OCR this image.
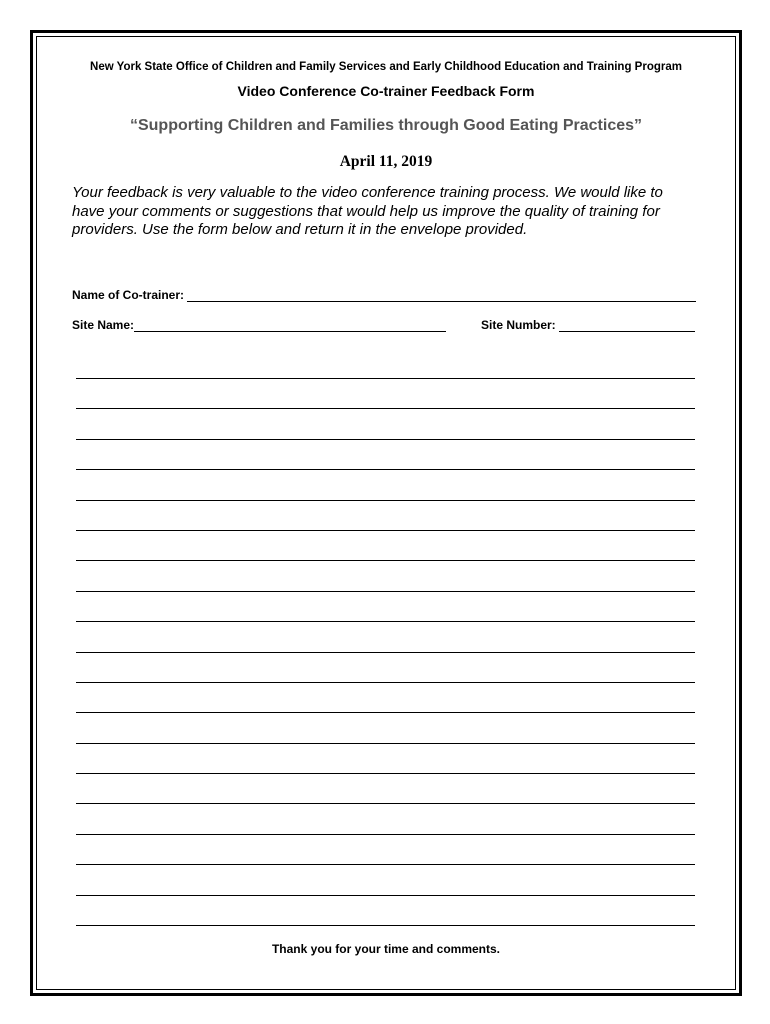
New York State Office of Children and Family Services and Early Childhood Education and Training Program
Video Conference Co-trainer Feedback Form
“Supporting Children and Families through Good Eating Practices”
April 11, 2019

Your feedback is very valuable to the video conference training process. We would like to have your comments or suggestions that would help us improve the quality of training for providers. Use the form below and return it in the envelope provided.

Name of Co-trainer:
Site Name:	Site Number:
Thank you for your time and comments.
